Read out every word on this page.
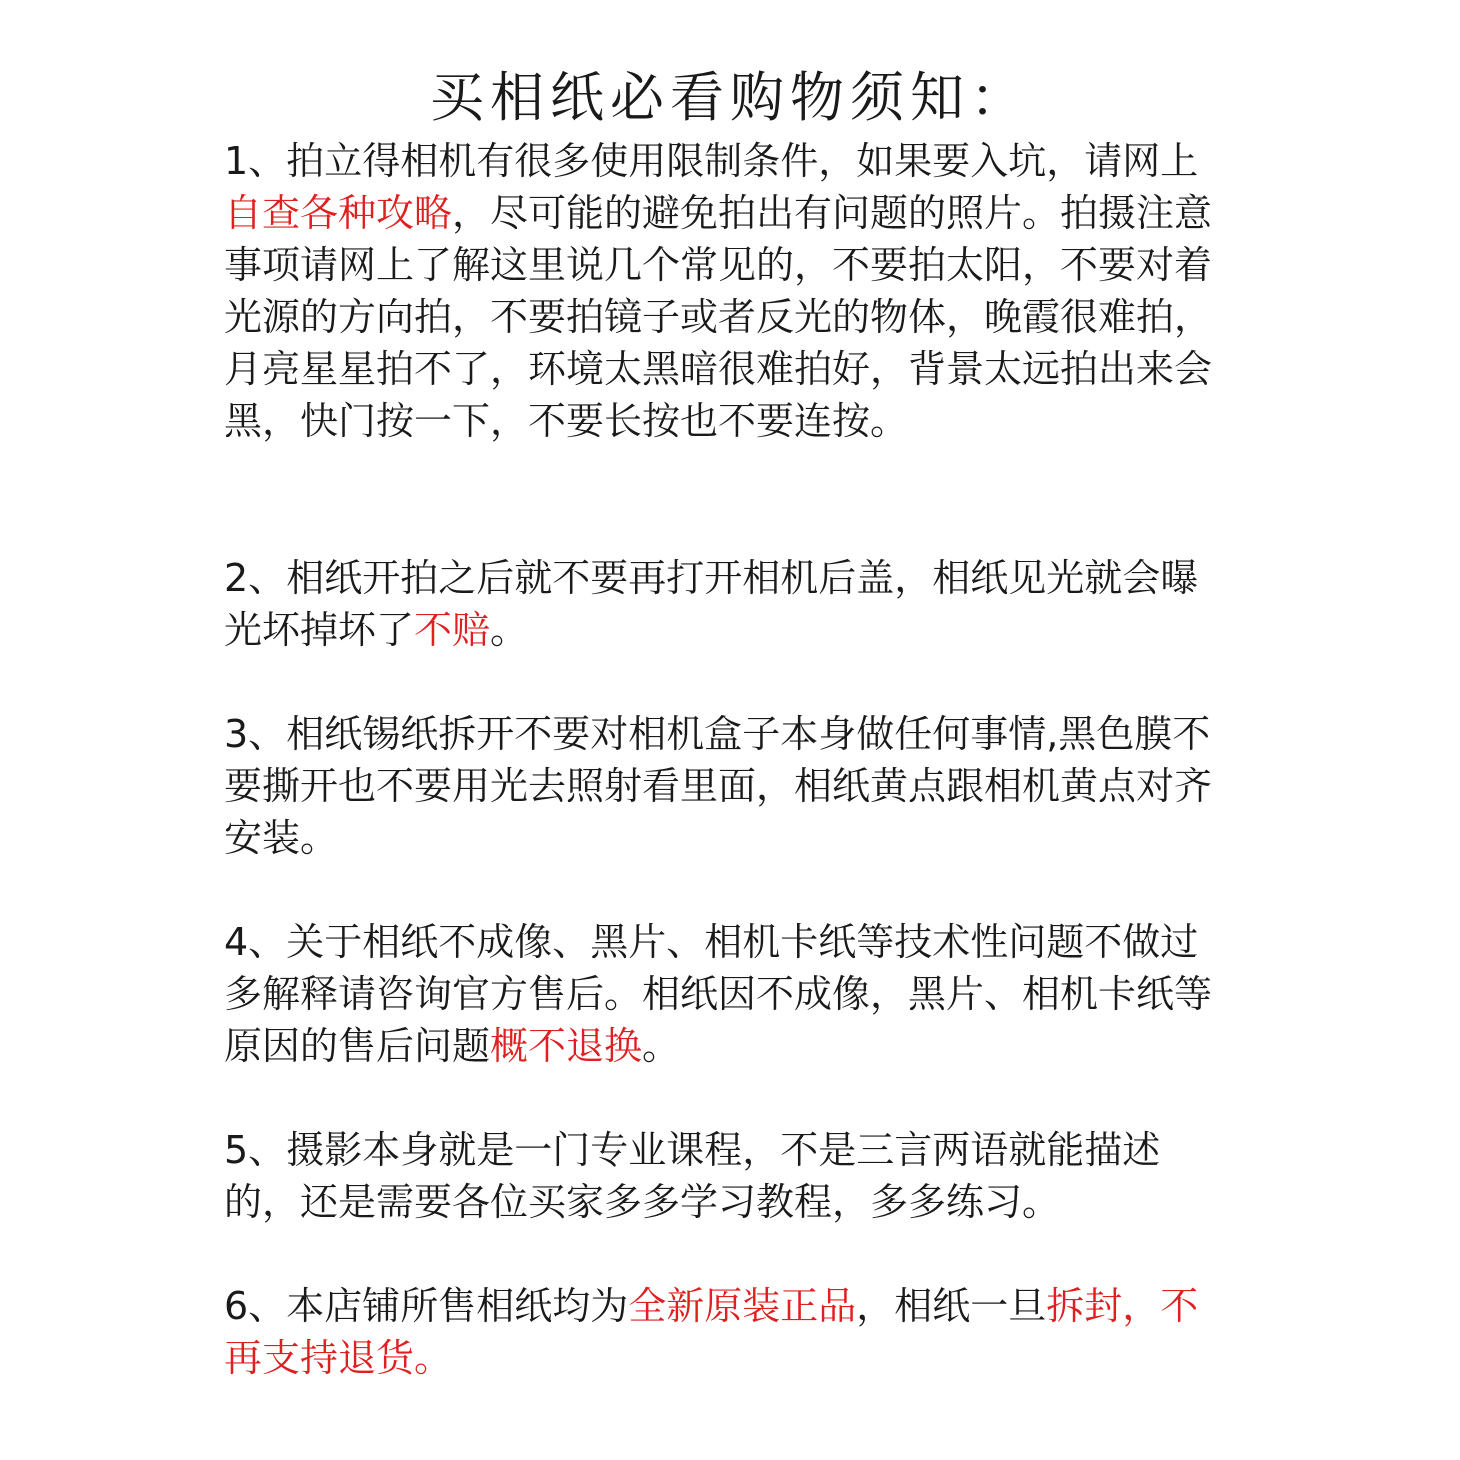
买相纸必看购物须知：

1、拍立得相机有很多使用限制条件，如果要入坑，请网上自查各种攻略，尽可能的避免拍出有问题的照片。拍摄注意事项请网上了解这里说几个常见的，不要拍太阳，不要对着光源的方向拍，不要拍镜子或者反光的物体，晚霞很难拍，月亮星星拍不了，环境太黑暗很难拍好，背景太远拍出来会黑，快门按一下，不要长按也不要连按。

2、相纸开拍之后就不要再打开相机后盖，相纸见光就会曝光坏掉坏了不赔。

3、相纸锡纸拆开不要对相机盒子本身做任何事情,黑色膜不要撕开也不要用光去照射看里面，相纸黄点跟相机黄点对齐安装。

4、关于相纸不成像、黑片、相机卡纸等技术性问题不做过多解释请咨询官方售后。相纸因不成像，黑片、相机卡纸等原因的售后问题概不退换。

5、摄影本身就是一门专业课程，不是三言两语就能描述的，还是需要各位买家多多学习教程，多多练习。

6、本店铺所售相纸均为全新原装正品，相纸一旦拆封，不再支持退货。
